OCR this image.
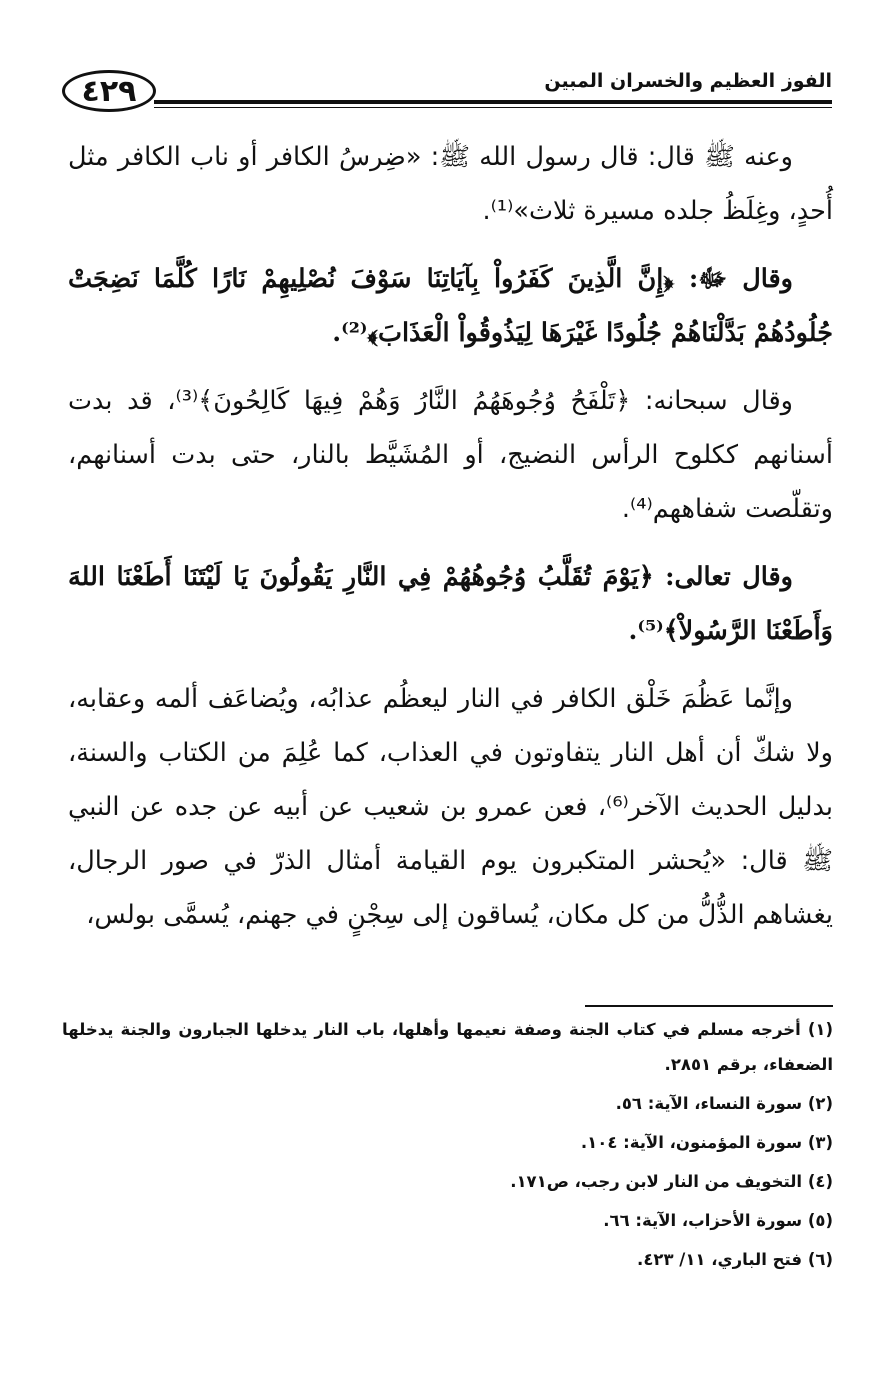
٤٢٩	الفوز العظيم والخسران المبين

وعنه ﷺ قال: قال رسول الله ﷺ: «ضِرسُ الكافر أو ناب الكافر مثل أُحدٍ، وغِلَظُ جلده مسيرة ثلاث»⁽¹⁾.

وقال ﷻ: ﴿إِنَّ الَّذِينَ كَفَرُواْ بِآيَاتِنَا سَوْفَ نُصْلِيهِمْ نَارًا كُلَّمَا نَضِجَتْ جُلُودُهُمْ بَدَّلْنَاهُمْ جُلُودًا غَيْرَهَا لِيَذُوقُواْ الْعَذَابَ﴾⁽²⁾.

وقال سبحانه: ﴿تَلْفَحُ وُجُوهَهُمُ النَّارُ وَهُمْ فِيهَا كَالِحُونَ﴾⁽³⁾، قد بدت أسنانهم ككلوح الرأس النضيج، أو المُشَيَّط بالنار، حتى بدت أسنانهم، وتقلّصت شفاههم⁽⁴⁾.

وقال تعالى: ﴿يَوْمَ تُقَلَّبُ وُجُوهُهُمْ فِي النَّارِ يَقُولُونَ يَا لَيْتَنَا أَطَعْنَا اللهَ وَأَطَعْنَا الرَّسُولاْ﴾⁽⁵⁾.

وإنَّما عَظُمَ خَلْق الكافر في النار ليعظُم عذابُه، ويُضاعَف ألمه وعقابه، ولا شكّ أن أهل النار يتفاوتون في العذاب، كما عُلِمَ من الكتاب والسنة، بدليل الحديث الآخر⁽⁶⁾، فعن عمرو بن شعيب عن أبيه عن جده عن النبي ﷺ قال: «يُحشر المتكبرون يوم القيامة أمثال الذرّ في صور الرجال، يغشاهم الذُّلُّ من كل مكان، يُساقون إلى سِجْنٍ في جهنم، يُسمَّى بولس،

(١) أخرجه مسلم في كتاب الجنة وصفة نعيمها وأهلها، باب النار يدخلها الجبارون والجنة يدخلها الضعفاء، برقم ٢٨٥١.

(٢) سورة النساء، الآية: ٥٦.

(٣) سورة المؤمنون، الآية: ١٠٤.

(٤) التخويف من النار لابن رجب، ص١٧١.

(٥) سورة الأحزاب، الآية: ٦٦.

(٦) فتح الباري، ١١/ ٤٢٣.
